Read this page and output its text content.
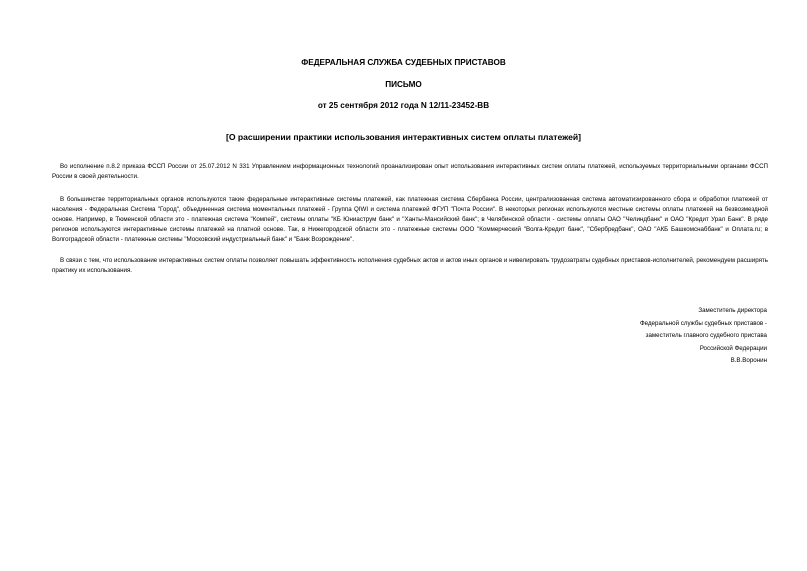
ФЕДЕРАЛЬНАЯ СЛУЖБА СУДЕБНЫХ ПРИСТАВОВ
ПИСЬМО
от 25 сентября 2012 года N 12/11-23452-ВВ
[О расширении практики использования интерактивных систем оплаты платежей]

Во исполнение п.8.2 приказа ФССП России от 25.07.2012 N 331 Управлением информационных технологий проанализирован опыт использования интерактивных систем оплаты платежей, используемых территориальными органами ФССП России в своей деятельности.

В большинстве территориальных органов используются такие федеральные интерактивные системы платежей, как платежная система Сбербанка России, централизованная система автоматизированного сбора и обработки платежей от населения - Федеральная Система "Город", объединенная система моментальных платежей - Группа QIWI и система платежей ФГУП "Почта России". В некоторых регионах используются местные системы оплаты платежей на безвозмездной основе. Например, в Тюменской области это - платежная система "Компей", системы оплаты "КБ Юниаструм банк" и "Ханты-Мансийский банк"; в Челябинской области - системы оплаты ОАО "Челиндбанк" и ОАО "Кредит Урал Банк". В ряде регионов используются интерактивные системы платежей на платной основе. Так, в Нижегородской области это - платежные системы ООО "Коммерческий "Волга-Кредит банк", "Сбербредбанк", ОАО "АКБ Башкомснаббанк" и Оплата.ru; в Волгоградской области - платежные системы "Московский индустриальный банк" и "Банк Возрождение".

В связи с тем, что использование интерактивных систем оплаты позволяет повышать эффективность исполнения судебных актов и актов иных органов и нивелировать трудозатраты судебных приставов-исполнителей, рекомендуем расширять практику их использования.

Заместитель директора
Федеральной службы судебных приставов -
заместитель главного судебного пристава
Российской Федерации
В.В.Воронин
